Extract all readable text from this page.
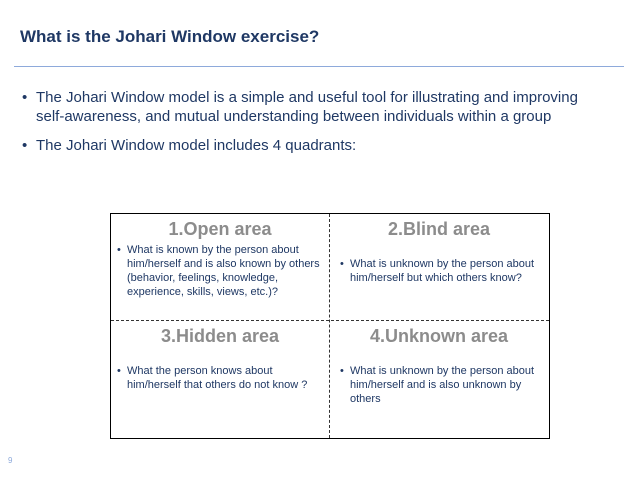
What is the Johari Window exercise?
• The Johari Window model is a simple and useful tool for illustrating and improving self-awareness, and mutual understanding between individuals within a group
• The Johari Window model includes 4 quadrants:
1.Open area
• What is known by the person about him/herself and is also known by others (behavior, feelings, knowledge, experience, skills, views, etc.)?
2.Blind area
• What is unknown by the person about him/herself but which others know?
3.Hidden area
• What the person knows about him/herself that others do not know ?
4.Unknown area
• What is unknown by the person about him/herself and is also unknown by others
9
